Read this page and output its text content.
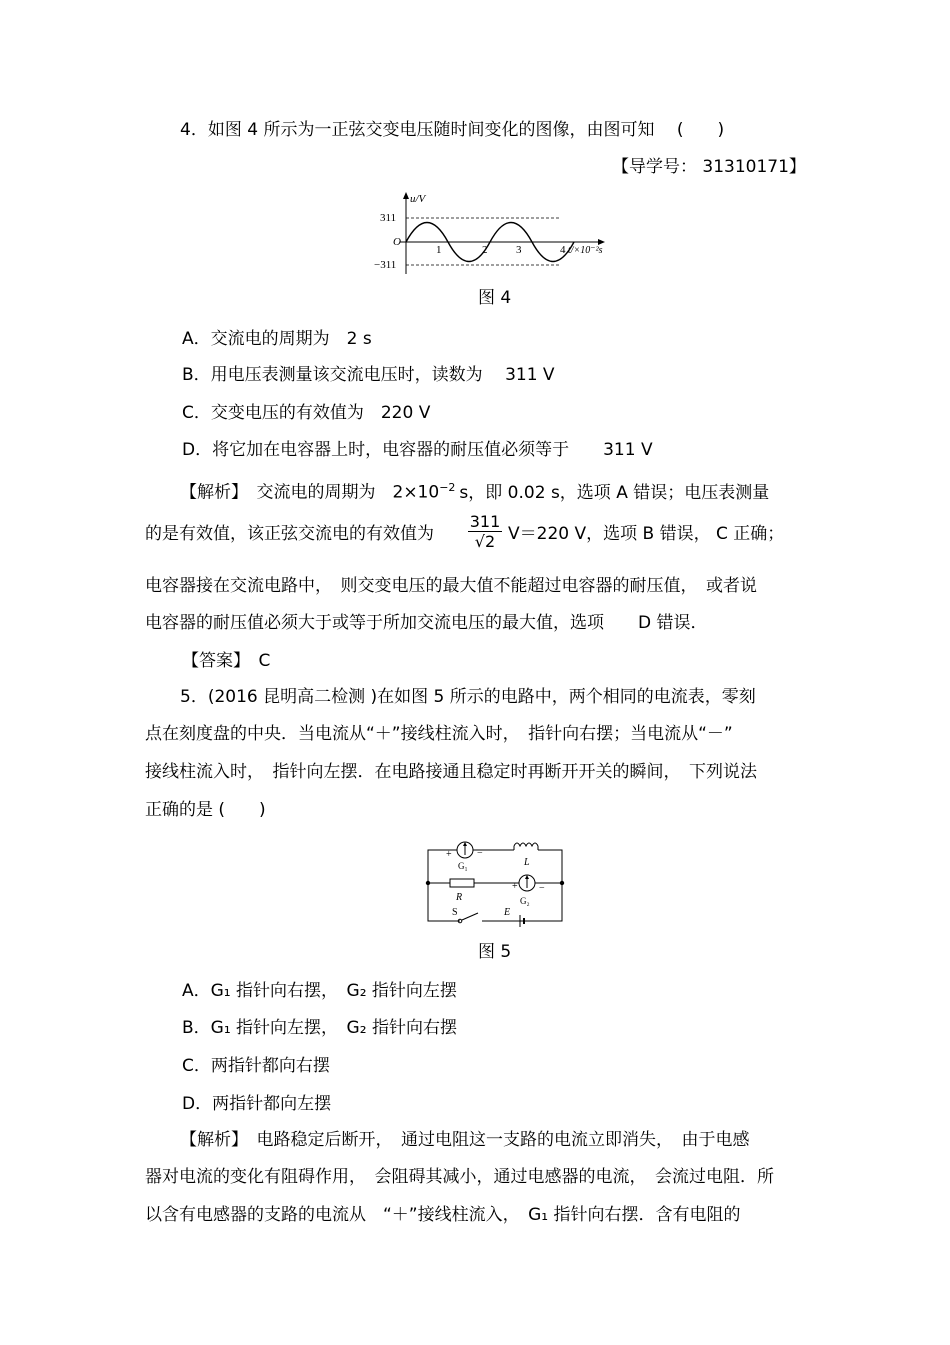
4．如图 4 所示为一正弦交变电压随时间变化的图像，由图可知　 (　　)
【导学号： 31310171】
u/V
311
O
−311
1	2	3	4 t/×10⁻²s
图 4
A．交流电的周期为　2 s
B．用电压表测量该交流电压时，读数为　 311 V
C．交变电压的有效值为　220 V
D．将它加在电容器上时，电容器的耐压值必须等于　　311 V
【解析】　交流电的周期为　$2\times 10^{-2}$ s，即 0.02 s，选项 A 错误；电压表测量
的是有效值，该正弦交流电的有效值为 $\frac{311}{√2} V=220$ V，选项 B 错误， C 正确；
电容器接在交流电路中，　则交变电压的最大值不能超过电容器的耐压值，　或者说
电容器的耐压值必须大于或等于所加交流电压的最大值，选项　　D 错误．
【答案】　C
5．(2016 昆明高二检测 )在如图 5 所示的电路中，两个相同的电流表，零刻
点在刻度盘的中央．当电流从“＋”接线柱流入时，　指针向右摆；当电流从“－”
接线柱流入时，　指针向左摆．在电路接通且稳定时再断开开关的瞬间，　下列说法
正确的是 (　　)
+	−
G₁	L
R
+ −
G₂
S	E
图 5
A．G₁ 指针向右摆，　G₂ 指针向左摆
B．G₁ 指针向左摆，　G₂ 指针向右摆
C．两指针都向右摆
D．两指针都向左摆
【解析】　电路稳定后断开，　通过电阻这一支路的电流立即消失，　由于电感
器对电流的变化有阻碍作用，　会阻碍其减小，通过电感器的电流，　会流过电阻．所
以含有电感器的支路的电流从　“＋”接线柱流入，　G₁ 指针向右摆．含有电阻的
